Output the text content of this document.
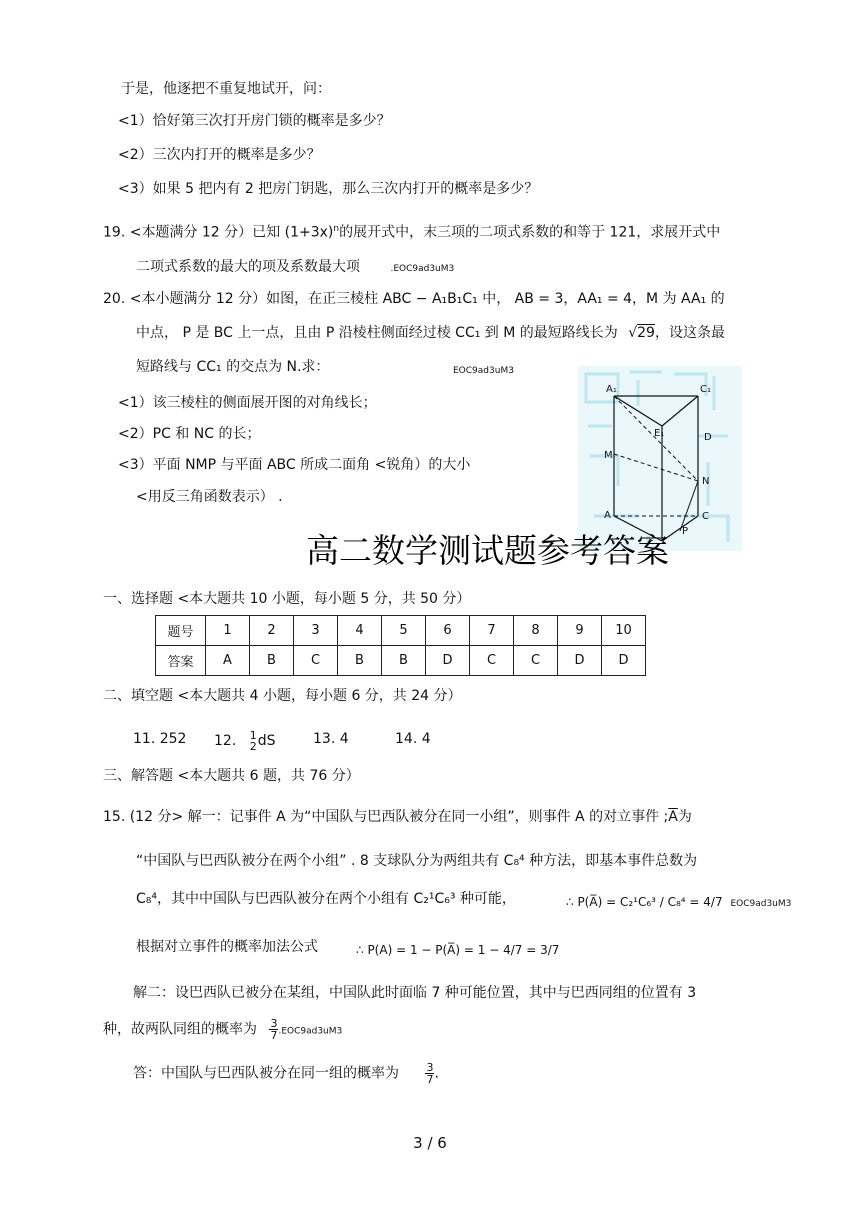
于是，他逐把不重复地试开，问：
<1）恰好第三次打开房门锁的概率是多少？
<2）三次内打开的概率是多少？
<3）如果 5 把内有 2 把房门钥匙，那么三次内打开的概率是多少？
19. <本题满分 12 分）已知 $(1+3x)^n$的展开式中，末三项的二项式系数的和等于 121，求展开式中
二项式系数的最大的项及系数最大项	.EOC9ad3uM3
20. <本小题满分 12 分）如图，在正三棱柱 ABC − A₁B₁C₁ 中， AB = 3，AA₁ = 4，M 为 AA₁ 的
中点， P 是 BC 上一点，且由 P 沿棱柱侧面经过棱 CC₁ 到 M 的最短路线长为 √29，设这条最
短路线与 CC₁ 的交点为 N.求：	EOC9ad3uM3
<1）该三棱柱的侧面展开图的对角线长；
<2）PC 和 NC 的长；
<3）平面 NMP 与平面 ABC 所成二面角 <锐角）的大小
<用反三角函数表示） .
A₁	C₁
E₁	D
M
N
A	C
P
高二数学测试题参考答案
一、选择题 <本大题共 10 小题，每小题 5 分，共 50 分）
题号	1	2	3	4	5	6	7	8	9	10
答案	A	B	C	B	B	D	C	C	D	D
二、填空题 <本大题共 4 小题，每小题 6 分，共 24 分）
11. 252 12. 1
2 dS	13. 4	14. 4
三、解答题 <本大题共 6 题，共 76 分）
15. (12 分> 解一：记事件 A 为“中国队与巴西队被分在同一小组”，则事件 A 的对立事件 $;\overline{A}$为
“中国队与巴西队被分在两个小组” . 8 支球队分为两组共有 C₈⁴ 种方法，即基本事件总数为
C₈⁴，其中中国队与巴西队被分在两个小组有 C₂¹C₆³ 种可能，	∴ P(A̅) = C₂¹C₆³ / C₈⁴ = 4/7 EOC9ad3uM3
根据对立事件的概率加法公式	∴ P(A) = 1 − P(A̅) = 1 − 4/7 = 3/7
解二：设巴西队已被分在某组，中国队此时面临 7 种可能位置，其中与巴西同组的位置有 3
种，故两队同组的概率为 $\frac{3}{7} .EOC9ad3uM3$
答：中国队与巴西队被分在同一组的概率为 $\frac{3}{7}$ .
3 / 6
